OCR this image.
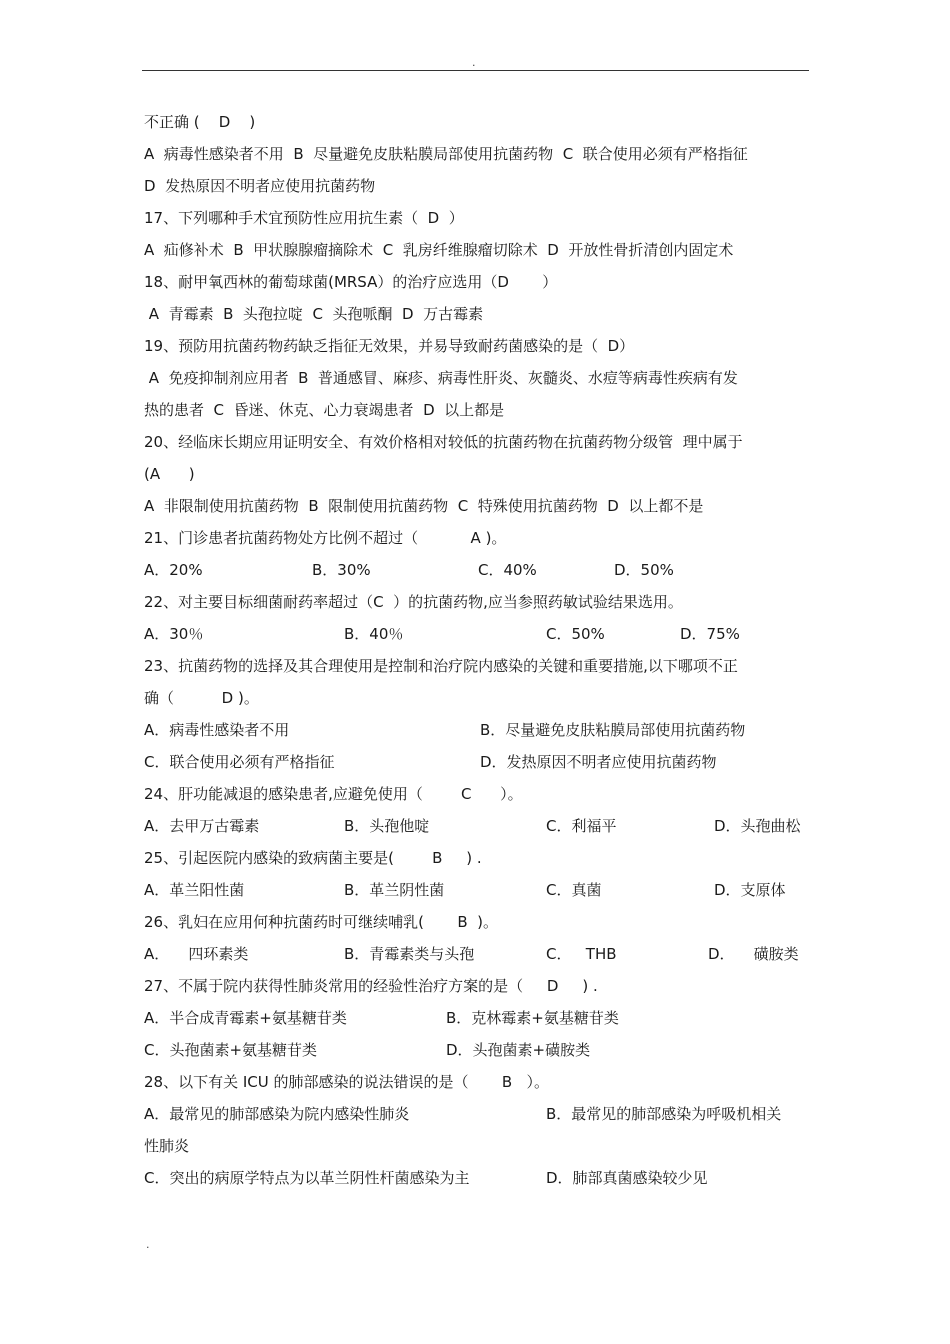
.
不正确 (    D    )
A  病毒性感染者不用  B  尽量避免皮肤粘膜局部使用抗菌药物  C  联合使用必须有严格指征
D  发热原因不明者应使用抗菌药物
17、下列哪种手术宜预防性应用抗生素（  D  ）
A  疝修补术  B  甲状腺腺瘤摘除术  C  乳房纤维腺瘤切除术  D  开放性骨折清创内固定术
18、耐甲氧西林的葡萄球菌(MRSA）的治疗应选用（D       ）
A  青霉素  B  头孢拉啶  C  头孢哌酮  D  万古霉素
19、预防用抗菌药物药缺乏指征无效果，并易导致耐药菌感染的是（  D）
A  免疫抑制剂应用者  B  普通感冒、麻疹、病毒性肝炎、灰髓炎、水痘等病毒性疾病有发
热的患者  C  昏迷、休克、心力衰竭患者  D  以上都是
20、经临床长期应用证明安全、有效价格相对较低的抗菌药物在抗菌药物分级管  理中属于
(A      )
A  非限制使用抗菌药物  B  限制使用抗菌药物  C  特殊使用抗菌药物  D  以上都不是
21、门诊患者抗菌药物处方比例不超过（           A )。

A．20%

	B．30%

	C．40%

	D．50%

22、对主要目标细菌耐药率超过（C  ）的抗菌药物,应当参照药敏试验结果选用。

A．30％

	B．40％

	C．50%

	D．75%

23、抗菌药物的选择及其合理使用是控制和治疗院内感染的关键和重要措施,以下哪项不正
确（          D )。

A．病毒性感染者不用

	B．尽量避免皮肤粘膜局部使用抗菌药物

C．联合使用必须有严格指征

	D．发热原因不明者应使用抗菌药物

24、肝功能减退的感染患者,应避免使用（        C      ）。

A．去甲万古霉素

	B．头孢他啶

	C．利福平

	D．头孢曲松

25、引起医院内感染的致病菌主要是(        B     ) .

A．革兰阳性菌

	B．革兰阴性菌

	C．真菌

	D．支原体

26、乳妇在应用何种抗菌药时可继续哺乳(       B  )。

A．    四环素类

	B．青霉素类与头孢

	C．   THB

	D．    磺胺类

27、不属于院内获得性肺炎常用的经验性治疗方案的是（     D     ) .

A．半合成青霉素+氨基糖苷类

	B．克林霉素+氨基糖苷类

C．头孢菌素+氨基糖苷类

	D．头孢菌素+磺胺类

28、以下有关 ICU 的肺部感染的说法错误的是（       B   ）。

A．最常见的肺部感染为院内感染性肺炎

	B．最常见的肺部感染为呼吸机相关

性肺炎

C．突出的病原学特点为以革兰阴性杆菌感染为主

	D．肺部真菌感染较少见

.
